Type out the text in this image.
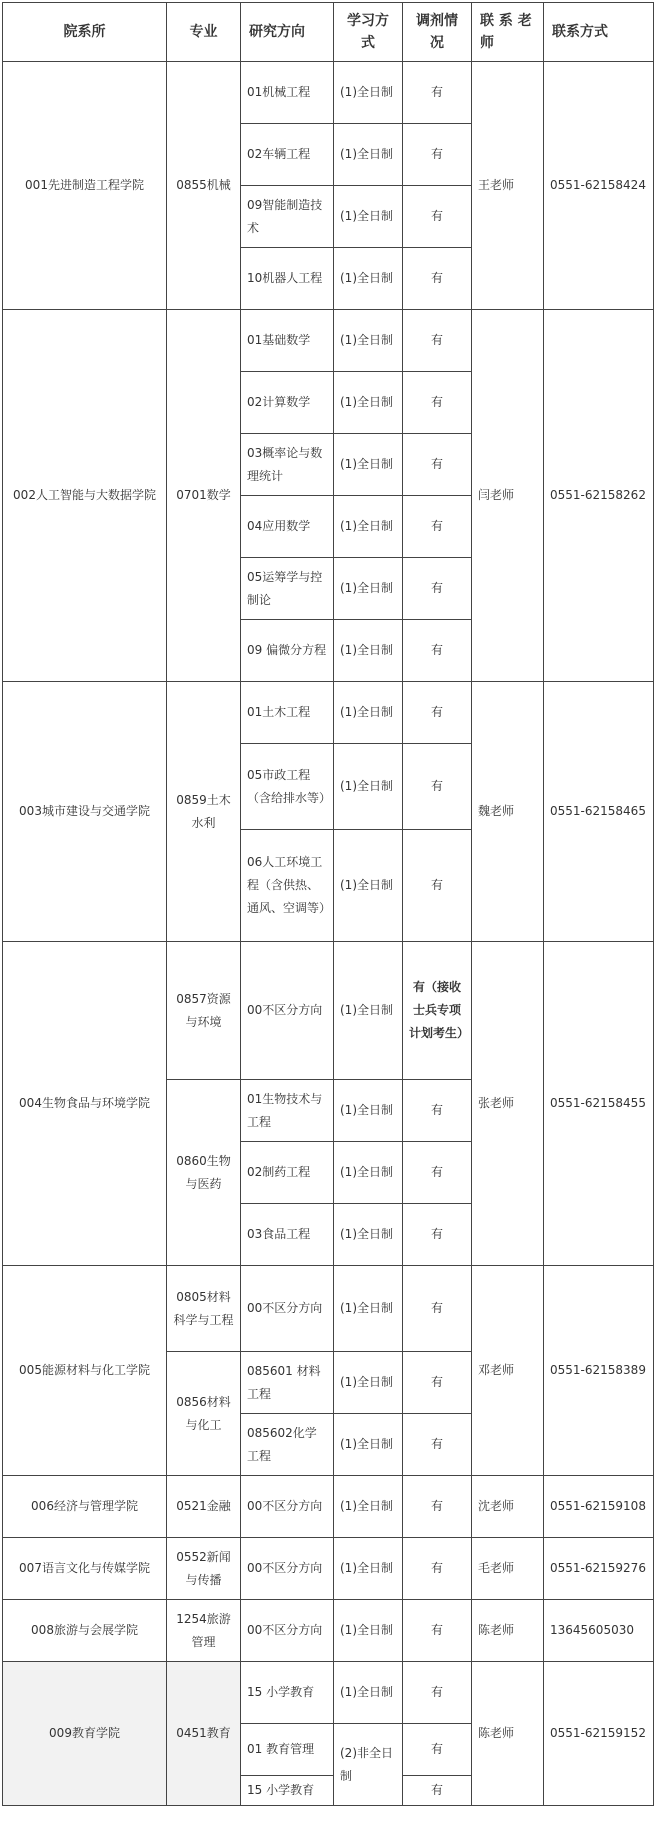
院系所	专业	研究方向	学习方式	调剂情况	联 系 老 师	联系方式
001先进制造工程学院	0855机械	01机械工程	(1)全日制	有	王老师	0551-62158424
		02车辆工程	(1)全日制	有		
		09智能制造技术	(1)全日制	有		
		10机器人工程	(1)全日制	有		
002人工智能与大数据学院	0701数学	01基础数学	(1)全日制	有	闫老师	0551-62158262
		02计算数学	(1)全日制	有		
		03概率论与数理统计	(1)全日制	有		
		04应用数学	(1)全日制	有		
		05运筹学与控制论	(1)全日制	有		
		09 偏微分方程	(1)全日制	有		
003城市建设与交通学院	0859土木水利	01土木工程	(1)全日制	有	魏老师	0551-62158465
		05市政工程（含给排水等）	(1)全日制	有		
		06人工环境工程（含供热、通风、空调等）	(1)全日制	有		
004生物食品与环境学院	0857资源与环境	00不区分方向	(1)全日制	有（接收士兵专项计划考生）	张老师	0551-62158455
	0860生物与医药	01生物技术与工程	(1)全日制	有		
		02制药工程	(1)全日制	有		
		03食品工程	(1)全日制	有		
005能源材料与化工学院	0805材料科学与工程	00不区分方向	(1)全日制	有	邓老师	0551-62158389
	0856材料与化工	085601 材料工程	(1)全日制	有		
		085602化学工程	(1)全日制	有		
006经济与管理学院	0521金融	00不区分方向	(1)全日制	有	沈老师	0551-62159108
007语言文化与传媒学院	0552新闻与传播	00不区分方向	(1)全日制	有	毛老师	0551-62159276
008旅游与会展学院	1254旅游管理	00不区分方向	(1)全日制	有	陈老师	13645605030
009教育学院	0451教育	15 小学教育	(1)全日制	有	陈老师	0551-62159152
		01 教育管理	(2)非全日制	有		
		15 小学教育		有		
